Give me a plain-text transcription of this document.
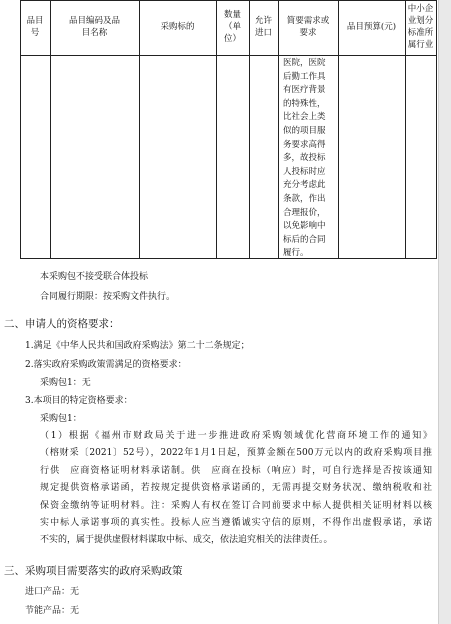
品目
号
品目编码及品
目名称
采购标的
数量
（单
位）
允许
进口
简要需求或
要求
品目预算(元)
中小企
业划分
标准所
属行业
医院，医院
后勤工作具
有医疗背景
的特殊性，
比社会上类
似的项目服
务要求高得
多，故投标
人投标时应
充分考虑此
条款，作出
合理报价，
以免影响中
标后的合同
履行。
本采购包不接受联合体投标
合同履行期限：按采购文件执行。
二、申请人的资格要求：
1.满足《中华人民共和国政府采购法》第二十二条规定；
2.落实政府采购政策需满足的资格要求：
采购包1：无
3.本项目的特定资格要求：
采购包1：
（1）根据《福州市财政局关于进一步推进政府采购领域优化营商环境工作的通知》
（榕财采〔2021〕52号），2022年1月1日起，预算金额在500万元以内的政府采购项目推
行供　应商资格证明材料承诺制。供　应商在投标（响应）时，可自行选择是否按该通知
规定提供资格承诺函，若按规定提供资格承诺函的，无需再提交财务状况、缴纳税收和社
保资金缴纳等证明材料。注：采购人有权在签订合同前要求中标人提供相关证明材料以核
实中标人承诺事项的真实性。投标人应当遵循诚实守信的原则，不得作出虚假承诺，承诺
不实的，属于提供虚假材料谋取中标、成交，依法追究相关的法律责任。。
三、采购项目需要落实的政府采购政策
进口产品：无
节能产品：无
